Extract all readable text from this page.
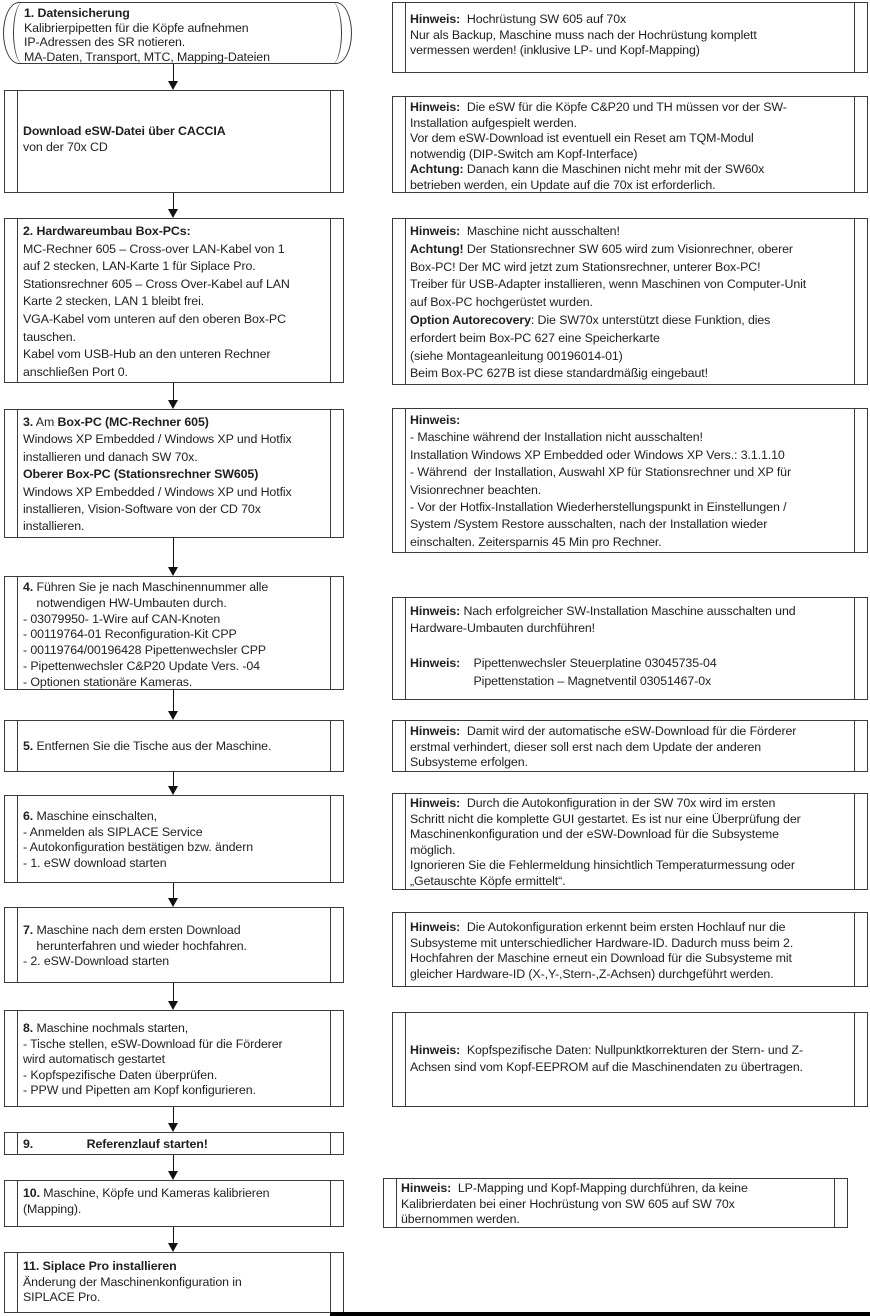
1. Datensicherung
Kalibrierpipetten für die Köpfe aufnehmen
IP-Adressen des SR notieren.
MA-Daten, Transport, MTC, Mapping-Dateien
Download eSW-Datei über CACCIA
von der 70x CD
2. Hardwareumbau Box-PCs:
MC-Rechner 605 – Cross-over LAN-Kabel von 1
auf 2 stecken, LAN-Karte 1 für Siplace Pro.
Stationsrechner 605 – Cross Over-Kabel auf LAN
Karte 2 stecken, LAN 1 bleibt frei.
VGA-Kabel vom unteren auf den oberen Box-PC
tauschen.
Kabel vom USB-Hub an den unteren Rechner
anschließen Port 0.
3. Am Box-PC (MC-Rechner 605)
Windows XP Embedded / Windows XP und Hotfix
installieren und danach SW 70x.
Oberer Box-PC (Stationsrechner SW605)
Windows XP Embedded / Windows XP und Hotfix
installieren, Vision-Software von der CD 70x
installieren.
4. Führen Sie je nach Maschinennummer alle
notwendigen HW-Umbauten durch.
- 03079950- 1-Wire auf CAN-Knoten
- 00119764-01 Reconfiguration-Kit CPP
- 00119764/00196428 Pipettenwechsler CPP
- Pipettenwechsler C&P20 Update Vers. -04
- Optionen stationäre Kameras.
5. Entfernen Sie die Tische aus der Maschine.
6. Maschine einschalten,
- Anmelden als SIPLACE Service
- Autokonfiguration bestätigen bzw. ändern
- 1. eSW download starten
7. Maschine nach dem ersten Download
herunterfahren und wieder hochfahren.
- 2. eSW-Download starten
8. Maschine nochmals starten,
- Tische stellen, eSW-Download für die Förderer
wird automatisch gestartet
- Kopfspezifische Daten überprüfen.
- PPW und Pipetten am Kopf konfigurieren.
9.	Referenzlauf starten!
10. Maschine, Köpfe und Kameras kalibrieren
(Mapping).
11. Siplace Pro installieren
Änderung der Maschinenkonfiguration in
SIPLACE Pro.
Hinweis:  Hochrüstung SW 605 auf 70x
Nur als Backup, Maschine muss nach der Hochrüstung komplett
vermessen werden! (inklusive LP- und Kopf-Mapping)
Hinweis:  Die eSW für die Köpfe C&P20 und TH müssen vor der SW-
Installation aufgespielt werden.
Vor dem eSW-Download ist eventuell ein Reset am TQM-Modul
notwendig (DIP-Switch am Kopf-Interface)
Achtung: Danach kann die Maschinen nicht mehr mit der SW60x
betrieben werden, ein Update auf die 70x ist erforderlich.
Hinweis:  Maschine nicht ausschalten!
Achtung! Der Stationsrechner SW 605 wird zum Visionrechner, oberer
Box-PC! Der MC wird jetzt zum Stationsrechner, unterer Box-PC!
Treiber für USB-Adapter installieren, wenn Maschinen von Computer-Unit
auf Box-PC hochgerüstet wurden.
Option Autorecovery: Die SW70x unterstützt diese Funktion, dies
erfordert beim Box-PC 627 eine Speicherkarte
(siehe Montageanleitung 00196014-01)
Beim Box-PC 627B ist diese standardmäßig eingebaut!
Hinweis:
- Maschine während der Installation nicht ausschalten!
Installation Windows XP Embedded oder Windows XP Vers.: 3.1.1.10
- Während  der Installation, Auswahl XP für Stationsrechner und XP für
Visionrechner beachten.
- Vor der Hotfix-Installation Wiederherstellungspunkt in Einstellungen /
System /System Restore ausschalten, nach der Installation wieder
einschalten. Zeitersparnis 45 Min pro Rechner.
Hinweis: Nach erfolgreicher SW-Installation Maschine ausschalten und
Hardware-Umbauten durchführen!

Hinweis:    Pipettenwechsler Steuerplatine 03045735-04
Pipettenstation – Magnetventil 03051467-0x
Hinweis:  Damit wird der automatische eSW-Download für die Förderer
erstmal verhindert, dieser soll erst nach dem Update der anderen
Subsysteme erfolgen.
Hinweis:  Durch die Autokonfiguration in der SW 70x wird im ersten
Schritt nicht die komplette GUI gestartet. Es ist nur eine Überprüfung der
Maschinenkonfiguration und der eSW-Download für die Subsysteme
möglich.
Ignorieren Sie die Fehlermeldung hinsichtlich Temperaturmessung oder
„Getauschte Köpfe ermittelt“.
Hinweis:  Die Autokonfiguration erkennt beim ersten Hochlauf nur die
Subsysteme mit unterschiedlicher Hardware-ID. Dadurch muss beim 2.
Hochfahren der Maschine erneut ein Download für die Subsysteme mit
gleicher Hardware-ID (X-,Y-,Stern-,Z-Achsen) durchgeführt werden.
Hinweis:  Kopfspezifische Daten: Nullpunktkorrekturen der Stern- und Z-
Achsen sind vom Kopf-EEPROM auf die Maschinendaten zu übertragen.
Hinweis:  LP-Mapping und Kopf-Mapping durchführen, da keine
Kalibrierdaten bei einer Hochrüstung von SW 605 auf SW 70x
übernommen werden.
